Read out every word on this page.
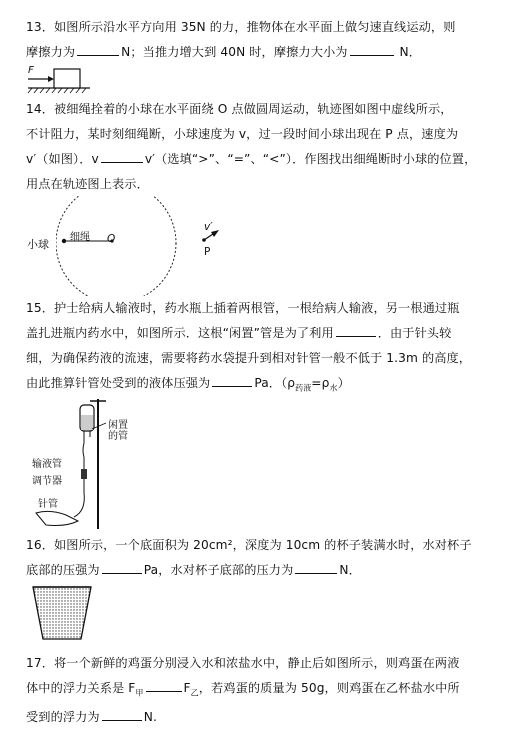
13．如图所示沿水平方向用 35N 的力，推物体在水平面上做匀速直线运动，则
摩擦力为	N；当推力增大到 40N 时，摩擦力大小为	N．
F
14．被细绳拴着的小球在水平面绕 O 点做圆周运动，轨迹图如图中虚线所示，
不计阻力，某时刻细绳断，小球速度为 v，过一段时间小球出现在 P 点，速度为
v′（如图）．v	v′（选填“>”、“=”、“<”）．作图找出细绳断时小球的位置，
用点在轨迹图上表示．
小球
细绳 O
v′
P
15．护士给病人输液时，药水瓶上插着两根管，一根给病人输液，另一根通过瓶
盖扎进瓶内药水中，如图所示．这根“闲置”管是为了利用	．由于针头较
细，为确保药液的流速，需要将药水袋提升到相对针管一般不低于 1.3m 的高度，
由此推算针管处受到的液体压强为	Pa．$(\rho_{药液}=\rho_水)$
闲置
的管
输液管
调节器
针管
16．如图所示，一个底面积为 20cm²，深度为 10cm 的杯子装满水时，水对杯子
底部的压强为	Pa，水对杯子底部的压力为	N．
17．将一个新鲜的鸡蛋分别浸入水和浓盐水中，静止后如图所示，则鸡蛋在两液
体中的浮力关系是 $F_甲$	$F_乙$，若鸡蛋的质量为 50g，则鸡蛋在乙杯盐水中所
受到的浮力为	N.
